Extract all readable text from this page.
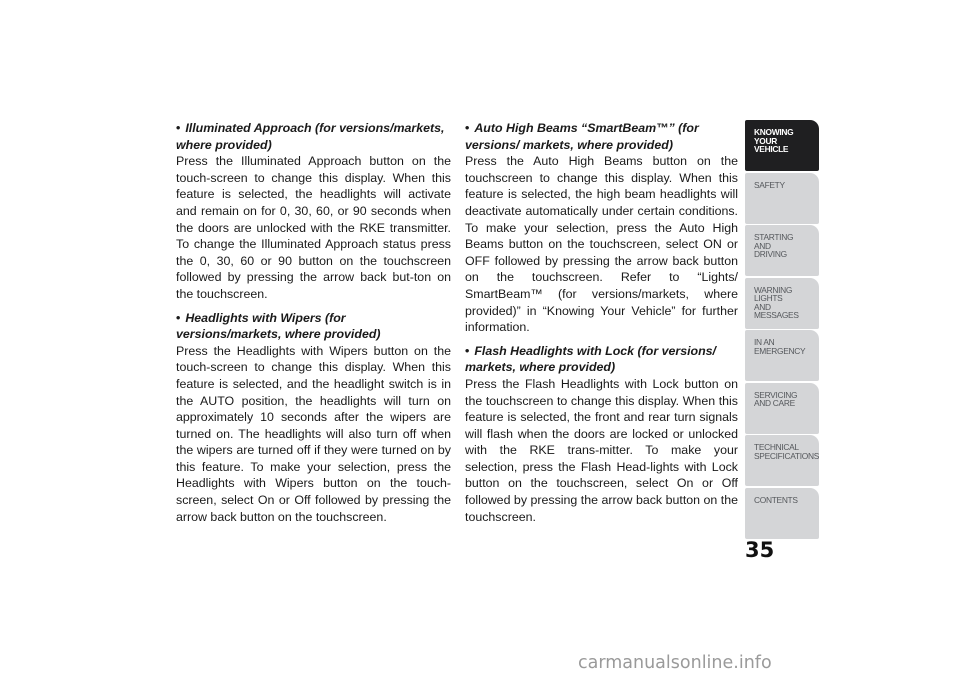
• Illuminated Approach (for versions/markets, where provided)
Press the Illuminated Approach button on the touch-screen to change this display. When this feature is selected, the headlights will activate and remain on for 0, 30, 60, or 90 seconds when the doors are unlocked with the RKE transmitter. To change the Illuminated Approach status press the 0, 30, 60 or 90 button on the touchscreen followed by pressing the arrow back but-ton on the touchscreen.
• Headlights with Wipers (for versions/markets, where provided)
Press the Headlights with Wipers button on the touch-screen to change this display. When this feature is selected, and the headlight switch is in the AUTO position, the headlights will turn on approximately 10 seconds after the wipers are turned on. The headlights will also turn off when the wipers are turned off if they were turned on by this feature. To make your selection, press the Headlights with Wipers button on the touch-screen, select On or Off followed by pressing the arrow back button on the touchscreen.
• Auto High Beams “SmartBeam™” (for versions/ markets, where provided)
Press the Auto High Beams button on the touchscreen to change this display. When this feature is selected, the high beam headlights will deactivate automatically under certain conditions. To make your selection, press the Auto High Beams button on the touchscreen, select ON or OFF followed by pressing the arrow back button on the touchscreen. Refer to “Lights/ SmartBeam™ (for versions/markets, where provided)” in “Knowing Your Vehicle” for further information.
• Flash Headlights with Lock (for versions/ markets, where provided)
Press the Flash Headlights with Lock button on the touchscreen to change this display. When this feature is selected, the front and rear turn signals will flash when the doors are locked or unlocked with the RKE trans-mitter. To make your selection, press the Flash Head-lights with Lock button on the touchscreen, select On or Off followed by pressing the arrow back button on the touchscreen.
KNOWING
YOUR
VEHICLE
SAFETY
STARTING
AND
DRIVING
WARNING
LIGHTS
AND
MESSAGES
IN AN
EMERGENCY
SERVICING
AND CARE
TECHNICAL
SPECIFICATIONS
CONTENTS
35
carmanualsonline.info
